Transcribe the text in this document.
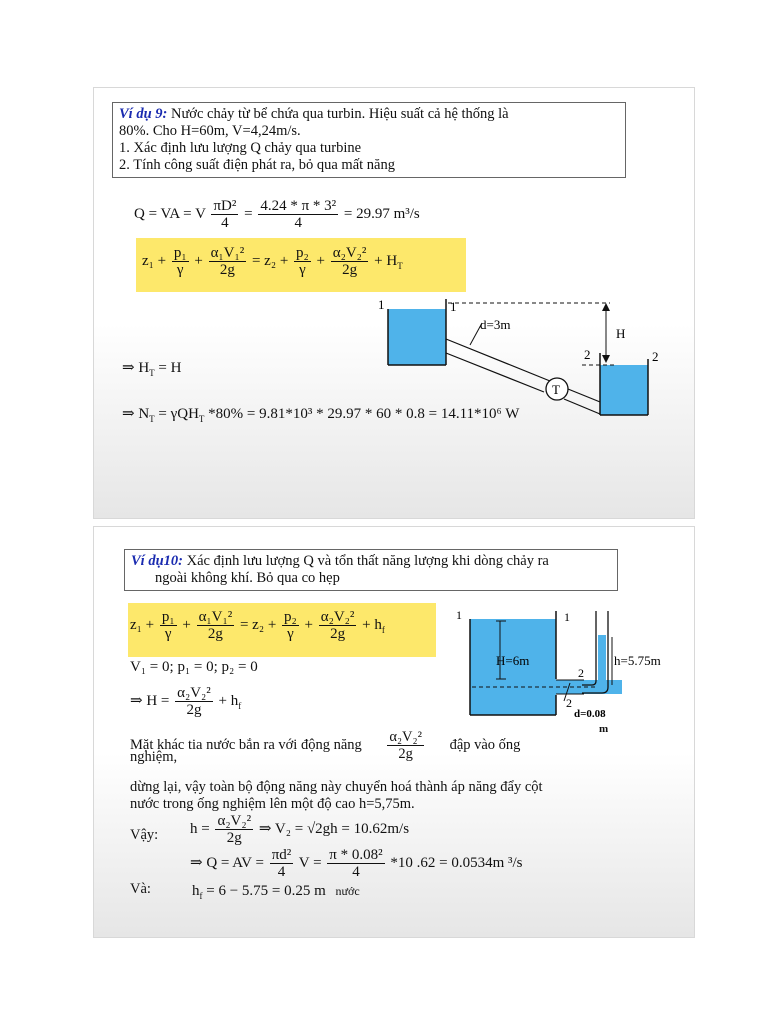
Ví dụ 9: Nước chảy từ bể chứa qua turbin. Hiệu suất cả hệ thống là
80%. Cho H=60m, V=4,24m/s.
1. Xác định lưu lượng Q chảy qua turbine
2. Tính công suất điện phát ra, bỏ qua mất năng
Q = VA = V $\frac{\text{πD²}}{4} = \frac{\text{4.24 * π * 3²}}{4} = 29.97$ m³/s
$z_1 + \frac{\text{p₁}}{\gamma} + \frac{\text{α₁V₁²}}{2g} = z_2 + \frac{\text{p₂}}{\gamma} + \frac{\text{α₂V₂²}}{2g} + H_T$
⇒ $H_T = H$
⇒ $N_T = \gamma QH_T$ *80% = 9.81*10³ * 29.97 * 60 * 0.8 = 14.11*10⁶ W
T
1	1
d=3m
H
2	2
Ví dụ10: Xác định lưu lượng Q và tổn thất năng lượng khi dòng chảy ra
ngoài không khí. Bỏ qua co hẹp
$z_1 + \frac{\text{p₁}}{\gamma} + \frac{\text{α₁V₁²}}{2g} = z_2 + \frac{\text{p₂}}{\gamma} + \frac{\text{α₂V₂²}}{2g} + h_f$
V₁ = 0; p₁ = 0; p₂ = 0
⇒ $H = \frac{\text{α₂V₂²}}{2g} + h_f$
Mặt khác tia nước bắn ra với động năng $\frac{\text{α₂V₂²}}{2g}$ đập vào ống
nghiệm,
dừng lại, vậy toàn bộ động năng này chuyển hoá thành áp năng đẩy cột
nước trong ống nghiệm lên một độ cao h=5,75m.
Vậy: $h = \frac{\text{α₂V₂²}}{2g}$ ⇒ V₂ = √2gh = 10.62m/s
⇒ Q = AV = $\frac{\text{πd²}}{4}$ $V = \frac{\text{π * 0.08²}}{4} *10$ .62 = 0.0534m ³/s
Và:	$h_f = 6 - 5.75 = 0.25$ m nước
1	1
H=6m	h=5.75m
2
2
d=0.08
m
